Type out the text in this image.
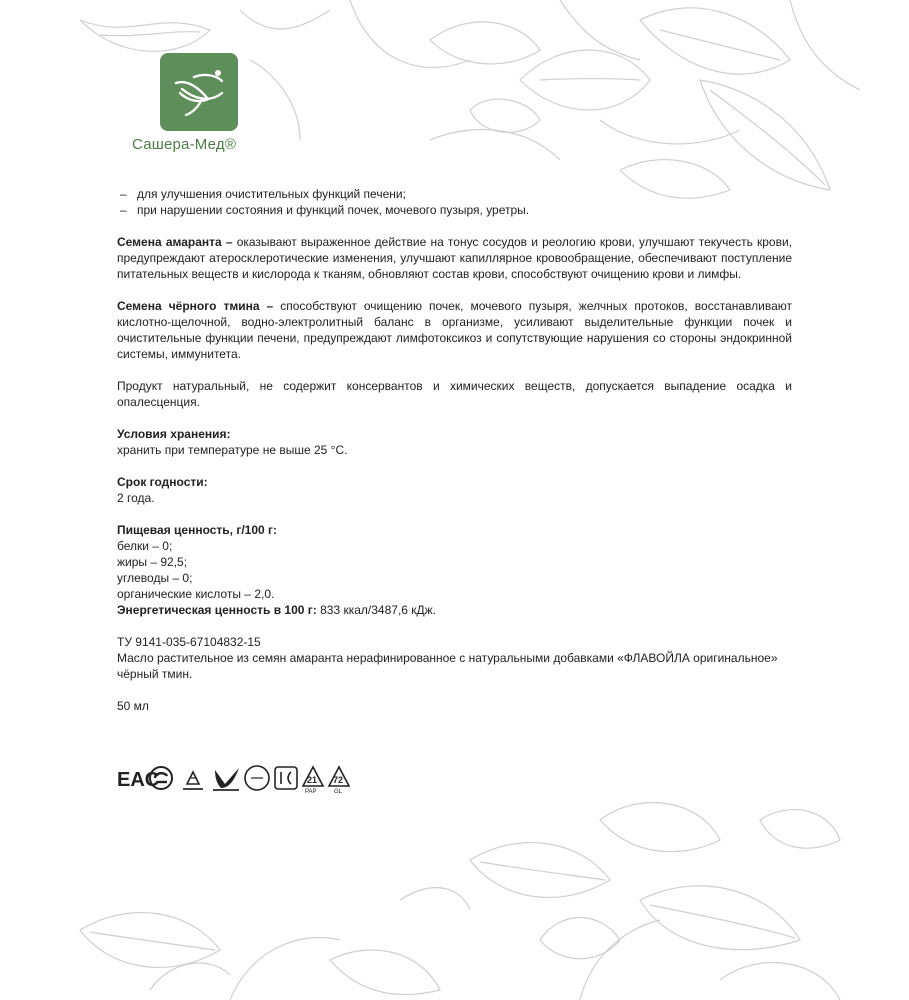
Сашера-Мед®
– для улучшения очистительных функций печени;
– при нарушении состояния и функций почек, мочевого пузыря, уретры.

Семена амаранта – оказывают выраженное действие на тонус сосудов и реологию крови, улучшают текучесть крови, предупреждают атеросклеротические изменения, улучшают капиллярное кровообращение, обеспечивают поступление питательных веществ и кислорода к тканям, обновляют состав крови, способствуют очищению крови и лимфы.

Семена чёрного тмина – способствуют очищению почек, мочевого пузыря, желчных протоков, восстанавливают кислотно-щелочной, водно-электролитный баланс в организме, усиливают выделительные функции почек и очистительные функции печени, предупреждают лимфотоксикоз и сопутствующие нарушения со стороны эндокринной системы, иммунитета.

Продукт натуральный, не содержит консервантов и химических веществ, допускается выпадение осадка и опалесценция.

Условия хранения:
хранить при температуре не выше 25 °С.
Срок годности:
2 года.
Пищевая ценность, г/100 г:
белки – 0;
жиры – 92,5;
углеводы – 0;
органические кислоты – 2,0.
Энергетическая ценность в 100 г: 833 ккал/3487,6 кДж.
ТУ 9141-035-67104832-15
Масло растительное из семян амаранта нерафинированное с натуральными добавками «ФЛАВОЙЛА оригинальное» чёрный тмин.
50 мл
EAC	21
PAP
72
GL
